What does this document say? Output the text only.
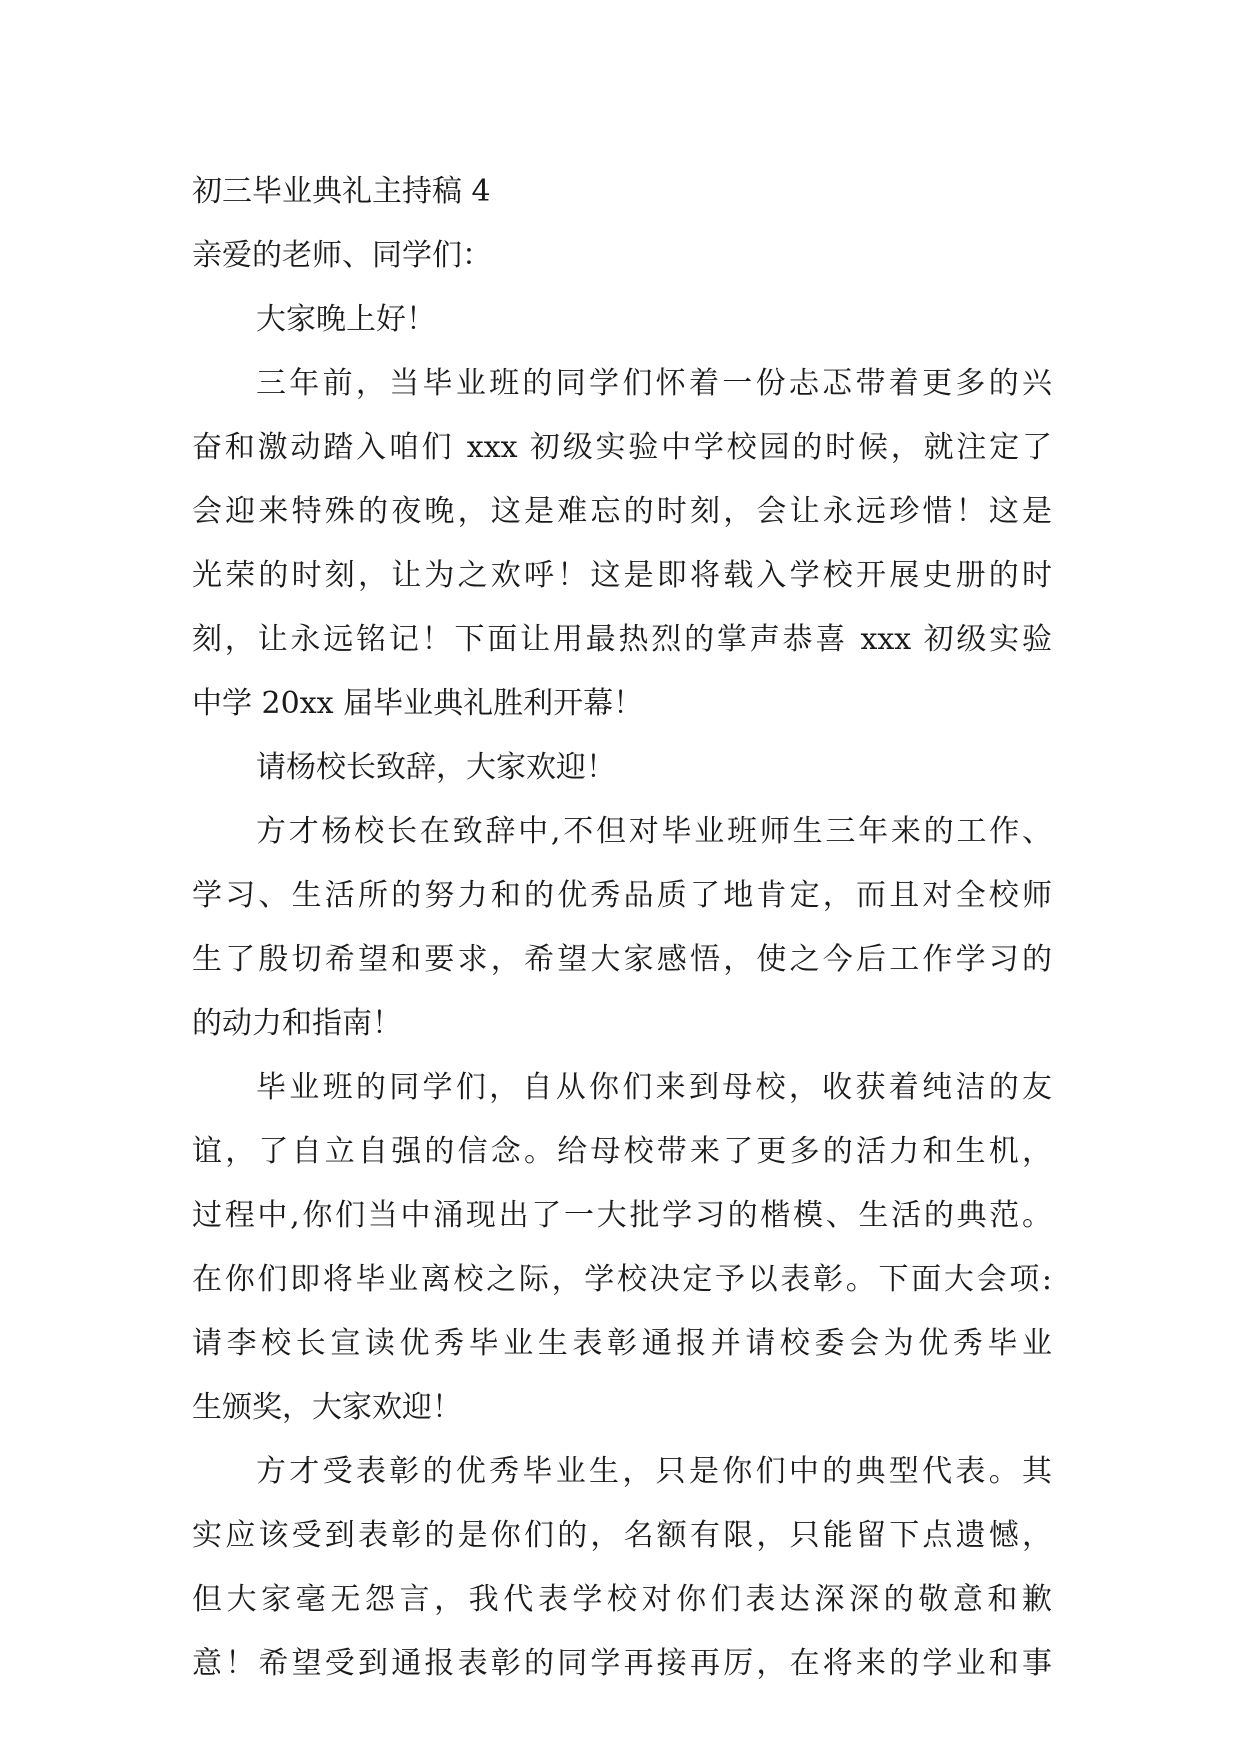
初三毕业典礼主持稿 4
亲爱的老师、同学们：
大家晚上好！
三年前，当毕业班的同学们怀着一份忐忑带着更多的兴
奋和激动踏入咱们 xxx 初级实验中学校园的时候，就注定了
会迎来特殊的夜晚，这是难忘的时刻，会让永远珍惜！这是
光荣的时刻，让为之欢呼！这是即将载入学校开展史册的时
刻，让永远铭记！下面让用最热烈的掌声恭喜 xxx 初级实验
中学 20xx 届毕业典礼胜利开幕！
请杨校长致辞，大家欢迎！
方才杨校长在致辞中,不但对毕业班师生三年来的工作、
学习、生活所的努力和的优秀品质了地肯定，而且对全校师
生了殷切希望和要求，希望大家感悟，使之今后工作学习的
的动力和指南！
毕业班的同学们，自从你们来到母校，收获着纯洁的友
谊，了自立自强的信念。给母校带来了更多的活力和生机，
过程中,你们当中涌现出了一大批学习的楷模、生活的典范。
在你们即将毕业离校之际，学校决定予以表彰。下面大会项:
请李校长宣读优秀毕业生表彰通报并请校委会为优秀毕业
生颁奖，大家欢迎！
方才受表彰的优秀毕业生，只是你们中的典型代表。其
实应该受到表彰的是你们的，名额有限，只能留下点遗憾，
但大家毫无怨言，我代表学校对你们表达深深的敬意和歉
意！希望受到通报表彰的同学再接再厉，在将来的学业和事
